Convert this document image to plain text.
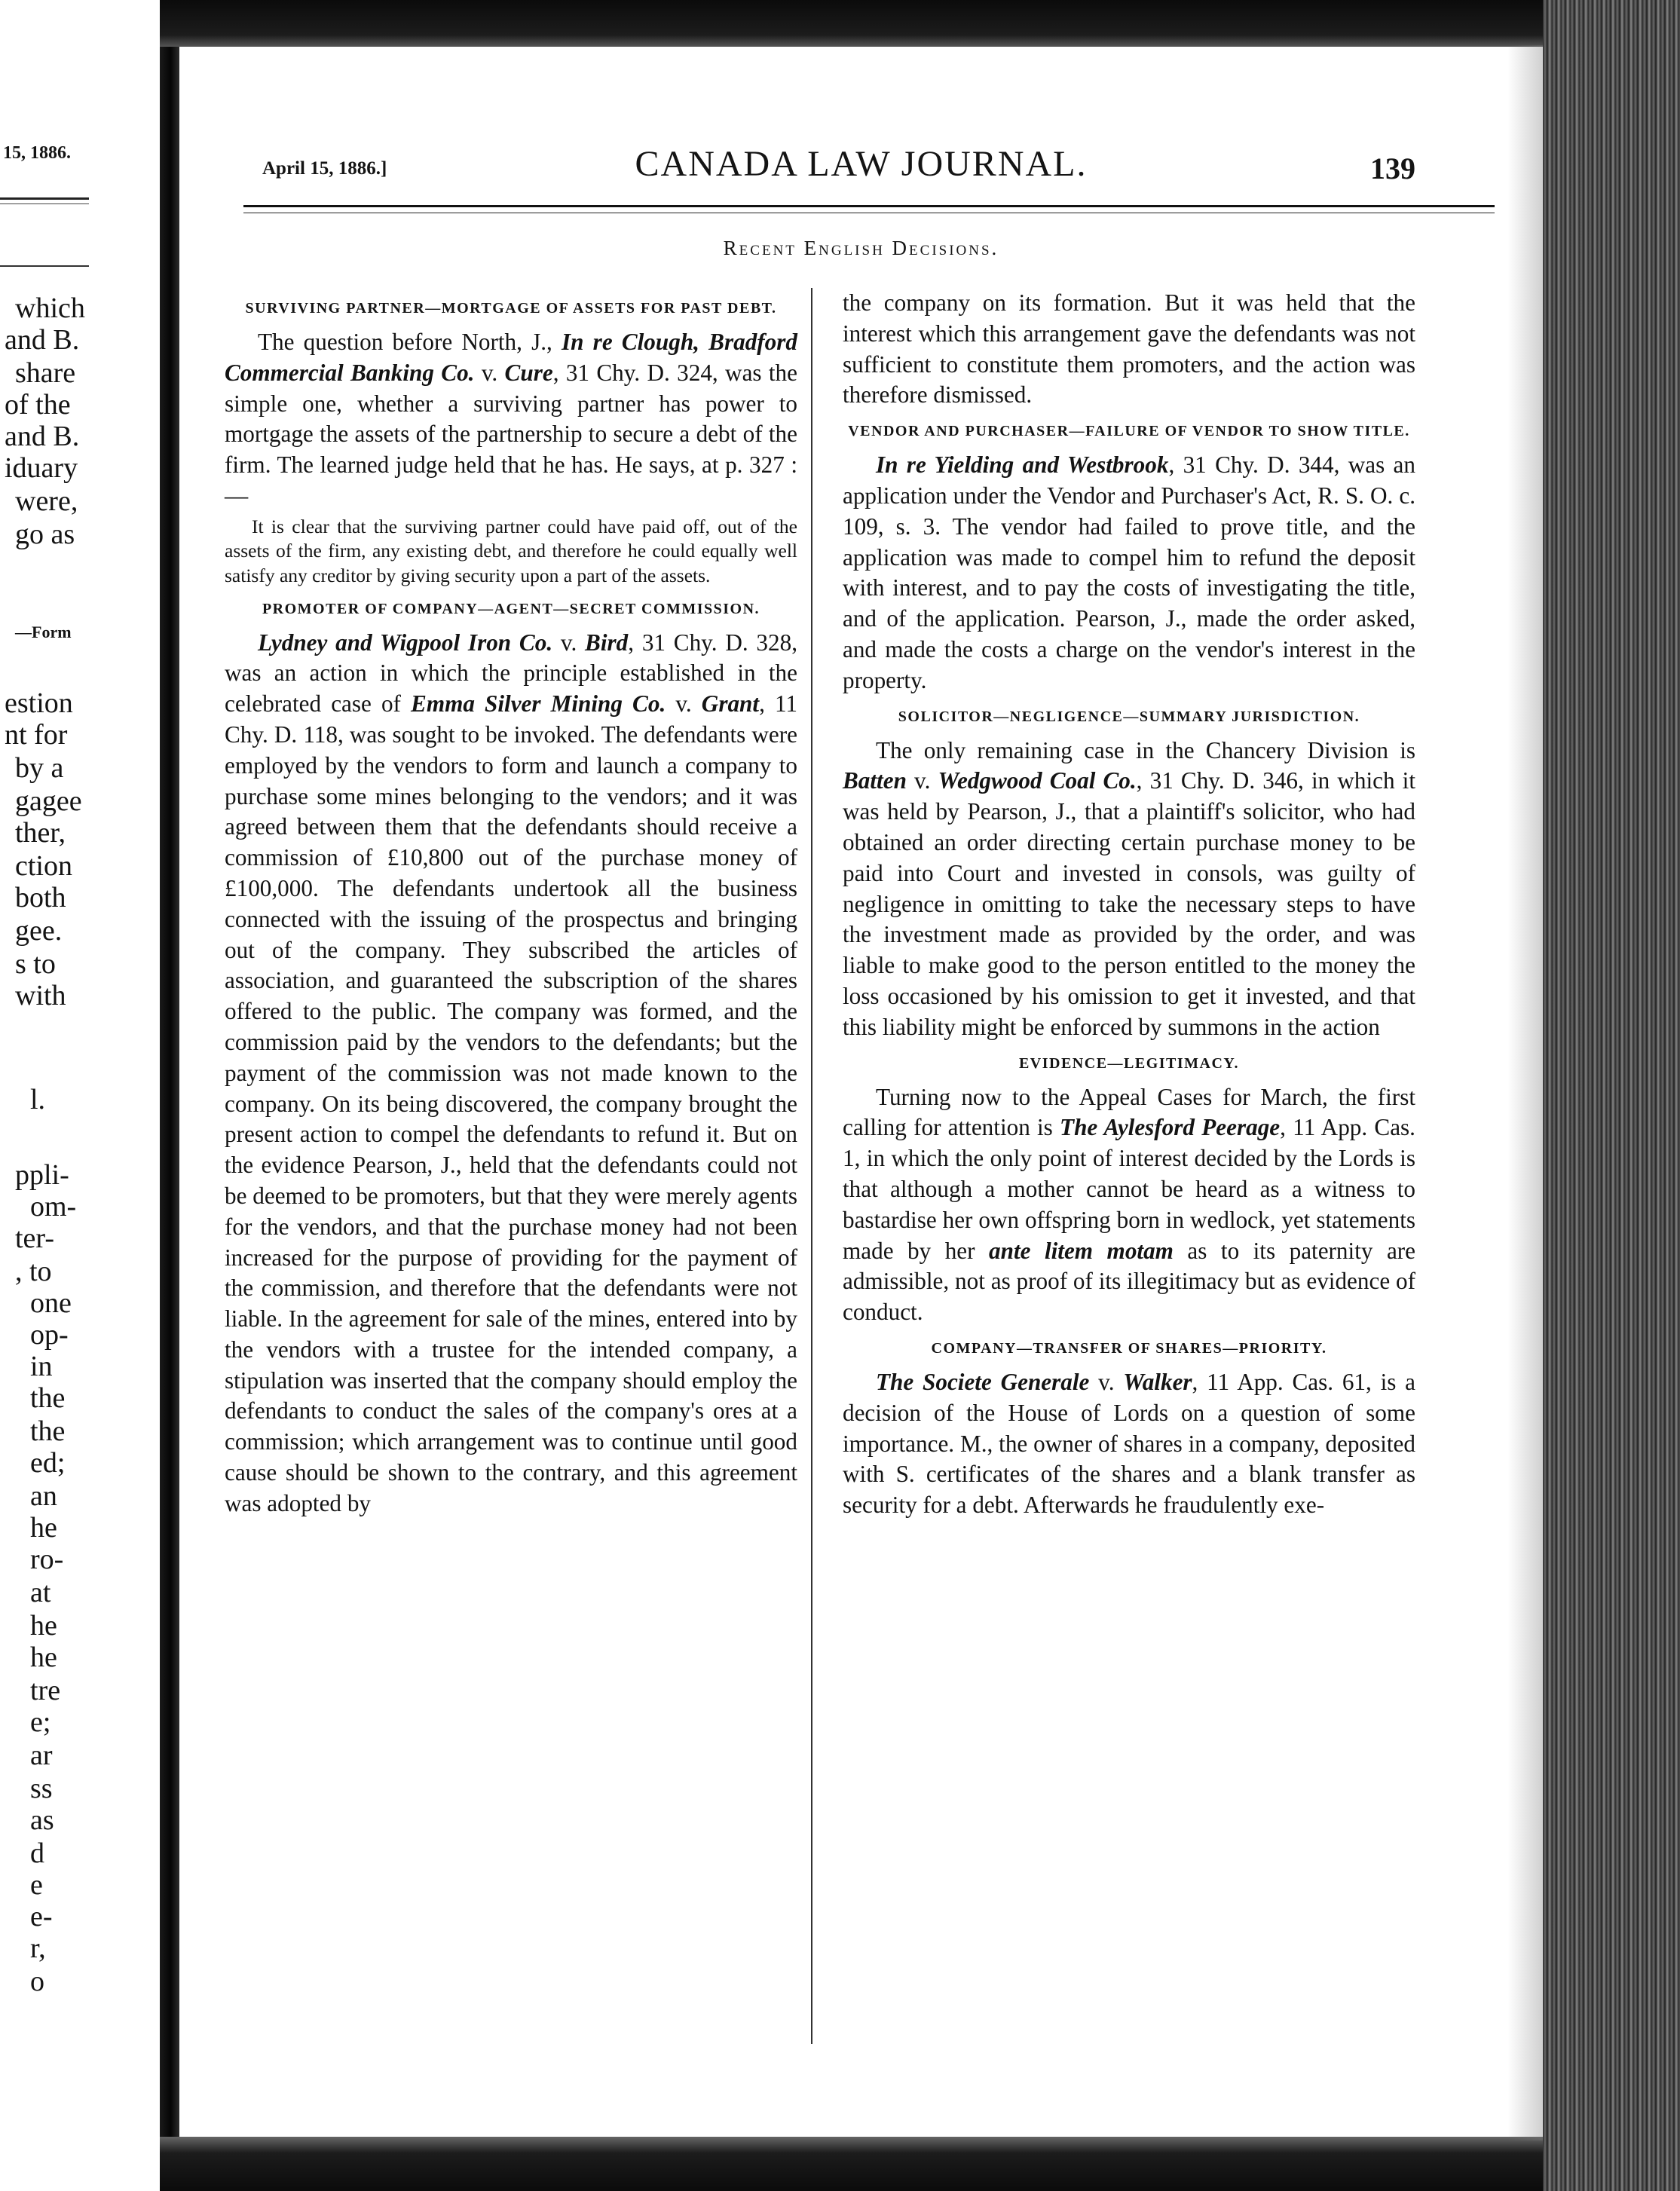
15, 1886.
which
and B.
share
of the
and B.
iduary
were,
go as
—Form
estion
nt for
by a
gagee
ther,
ction
both
gee.
s to
with
l.
ppli-
om-
ter-
, to
one
op-
in
the
the
ed;
an
he
ro-
at
he
he
tre
e;
ar
ss
as
d
e
e-
r,
o
April 15, 1886.]	CANADA LAW JOURNAL.	139
Recent English Decisions.

SURVIVING PARTNER—MORTGAGE OF ASSETS FOR PAST DEBT.

The question before North, J., In re Clough, Bradford Commercial Banking Co. v. Cure, 31 Chy. D. 324, was the simple one, whether a surviving partner has power to mortgage the assets of the partnership to secure a debt of the firm. The learned judge held that he has. He says, at p. 327 :—

It is clear that the surviving partner could have paid off, out of the assets of the firm, any existing debt, and therefore he could equally well satisfy any creditor by giving security upon a part of the assets.

PROMOTER OF COMPANY—AGENT—SECRET COMMISSION.

Lydney and Wigpool Iron Co. v. Bird, 31 Chy. D. 328, was an action in which the principle established in the celebrated case of Emma Silver Mining Co. v. Grant, 11 Chy. D. 118, was sought to be invoked. The defendants were employed by the vendors to form and launch a company to purchase some mines belonging to the vendors; and it was agreed between them that the defendants should receive a commission of £10,800 out of the purchase money of £100,000. The defendants undertook all the business connected with the issuing of the prospectus and bringing out of the company. They subscribed the articles of association, and guaranteed the subscription of the shares offered to the public. The company was formed, and the commission paid by the vendors to the defendants; but the payment of the commission was not made known to the company. On its being discovered, the company brought the present action to compel the defendants to refund it. But on the evidence Pearson, J., held that the defendants could not be deemed to be promoters, but that they were merely agents for the vendors, and that the purchase money had not been increased for the purpose of providing for the payment of the commission, and therefore that the defendants were not liable. In the agreement for sale of the mines, entered into by the vendors with a trustee for the intended company, a stipulation was inserted that the company should employ the defendants to conduct the sales of the company's ores at a commission; which arrangement was to continue until good cause should be shown to the contrary, and this agreement was adopted by

the company on its formation. But it was held that the interest which this arrangement gave the defendants was not sufficient to constitute them promoters, and the action was therefore dismissed.

VENDOR AND PURCHASER—FAILURE OF VENDOR TO SHOW TITLE.

In re Yielding and Westbrook, 31 Chy. D. 344, was an application under the Vendor and Purchaser's Act, R. S. O. c. 109, s. 3. The vendor had failed to prove title, and the application was made to compel him to refund the deposit with interest, and to pay the costs of investigating the title, and of the application. Pearson, J., made the order asked, and made the costs a charge on the vendor's interest in the property.

SOLICITOR—NEGLIGENCE—SUMMARY JURISDICTION.

The only remaining case in the Chancery Division is Batten v. Wedgwood Coal Co., 31 Chy. D. 346, in which it was held by Pearson, J., that a plaintiff's solicitor, who had obtained an order directing certain purchase money to be paid into Court and invested in consols, was guilty of negligence in omitting to take the necessary steps to have the investment made as provided by the order, and was liable to make good to the person entitled to the money the loss occasioned by his omission to get it invested, and that this liability might be enforced by summons in the action

EVIDENCE—LEGITIMACY.

Turning now to the Appeal Cases for March, the first calling for attention is The Aylesford Peerage, 11 App. Cas. 1, in which the only point of interest decided by the Lords is that although a mother cannot be heard as a witness to bastardise her own offspring born in wedlock, yet statements made by her ante litem motam as to its paternity are admissible, not as proof of its illegitimacy but as evidence of conduct.

COMPANY—TRANSFER OF SHARES—PRIORITY.

The Societe Generale v. Walker, 11 App. Cas. 61, is a decision of the House of Lords on a question of some importance. M., the owner of shares in a company, deposited with S. certificates of the shares and a blank transfer as security for a debt. Afterwards he fraudulently exe-
